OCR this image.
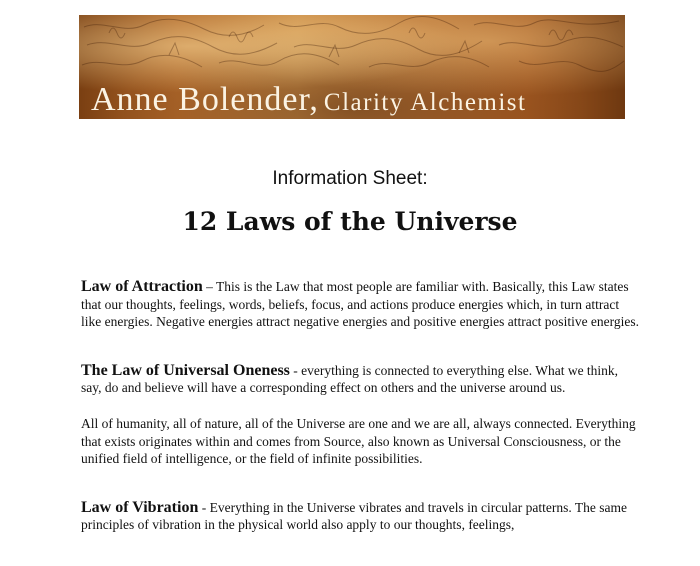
Anne Bolender, Clarity Alchemist
Information Sheet:
12 Laws of the Universe

Law of Attraction – This is the Law that most people are familiar with. Basically, this Law states that our thoughts, feelings, words, beliefs, focus, and actions produce energies which, in turn attract like energies. Negative energies attract negative energies and positive energies attract positive energies.

The Law of Universal Oneness - everything is connected to everything else. What we think, say, do and believe will have a corresponding effect on others and the universe around us.

All of humanity, all of nature, all of the Universe are one and we are all, always connected. Everything that exists originates within and comes from Source, also known as Universal Consciousness, or the unified field of intelligence, or the field of infinite possibilities.

Law of Vibration - Everything in the Universe vibrates and travels in circular patterns. The same principles of vibration in the physical world also apply to our thoughts, feelings,
